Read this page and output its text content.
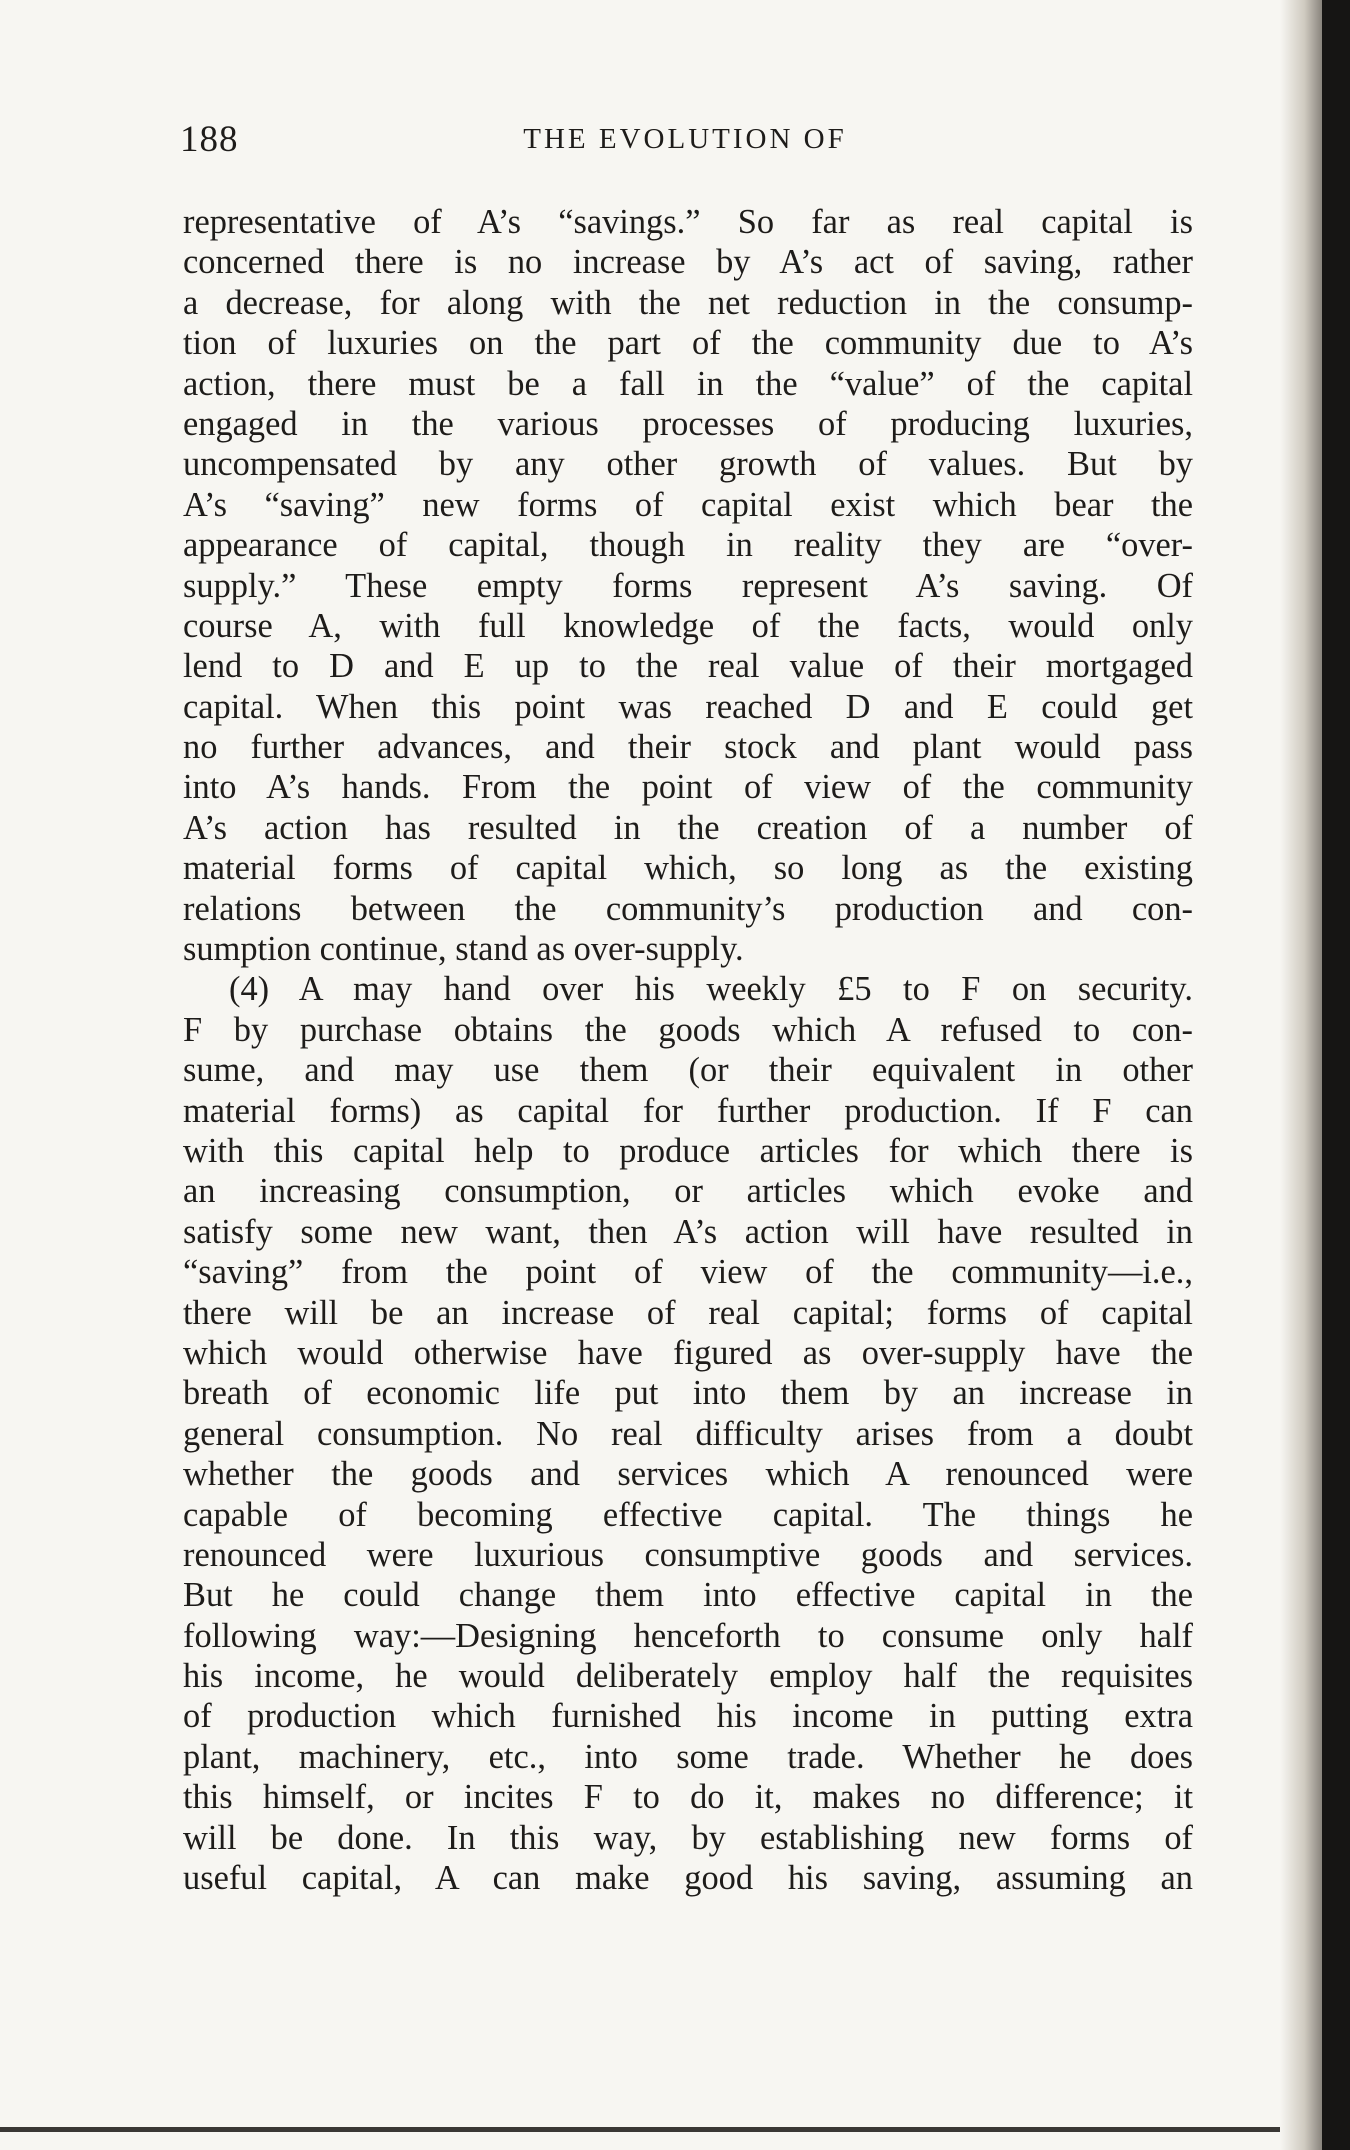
188	THE EVOLUTION OF
representative of A’s “savings.” So far as real capital is
concerned there is no increase by A’s act of saving, rather
a decrease, for along with the net reduction in the consump-
tion of luxuries on the part of the community due to A’s
action, there must be a fall in the “value” of the capital
engaged in the various processes of producing luxuries,
uncompensated by any other growth of values. But by
A’s “saving” new forms of capital exist which bear the
appearance of capital, though in reality they are “over-
supply.” These empty forms represent A’s saving. Of
course A, with full knowledge of the facts, would only
lend to D and E up to the real value of their mortgaged
capital. When this point was reached D and E could get
no further advances, and their stock and plant would pass
into A’s hands. From the point of view of the community
A’s action has resulted in the creation of a number of
material forms of capital which, so long as the existing
relations between the community’s production and con-
sumption continue, stand as over-supply.
(4) A may hand over his weekly £5 to F on security.
F by purchase obtains the goods which A refused to con-
sume, and may use them (or their equivalent in other
material forms) as capital for further production. If F can
with this capital help to produce articles for which there is
an increasing consumption, or articles which evoke and
satisfy some new want, then A’s action will have resulted in
“saving” from the point of view of the community—i.e.,
there will be an increase of real capital; forms of capital
which would otherwise have figured as over-supply have the
breath of economic life put into them by an increase in
general consumption. No real difficulty arises from a doubt
whether the goods and services which A renounced were
capable of becoming effective capital. The things he
renounced were luxurious consumptive goods and services.
But he could change them into effective capital in the
following way:—Designing henceforth to consume only half
his income, he would deliberately employ half the requisites
of production which furnished his income in putting extra
plant, machinery, etc., into some trade. Whether he does
this himself, or incites F to do it, makes no difference; it
will be done. In this way, by establishing new forms of
useful capital, A can make good his saving, assuming an
